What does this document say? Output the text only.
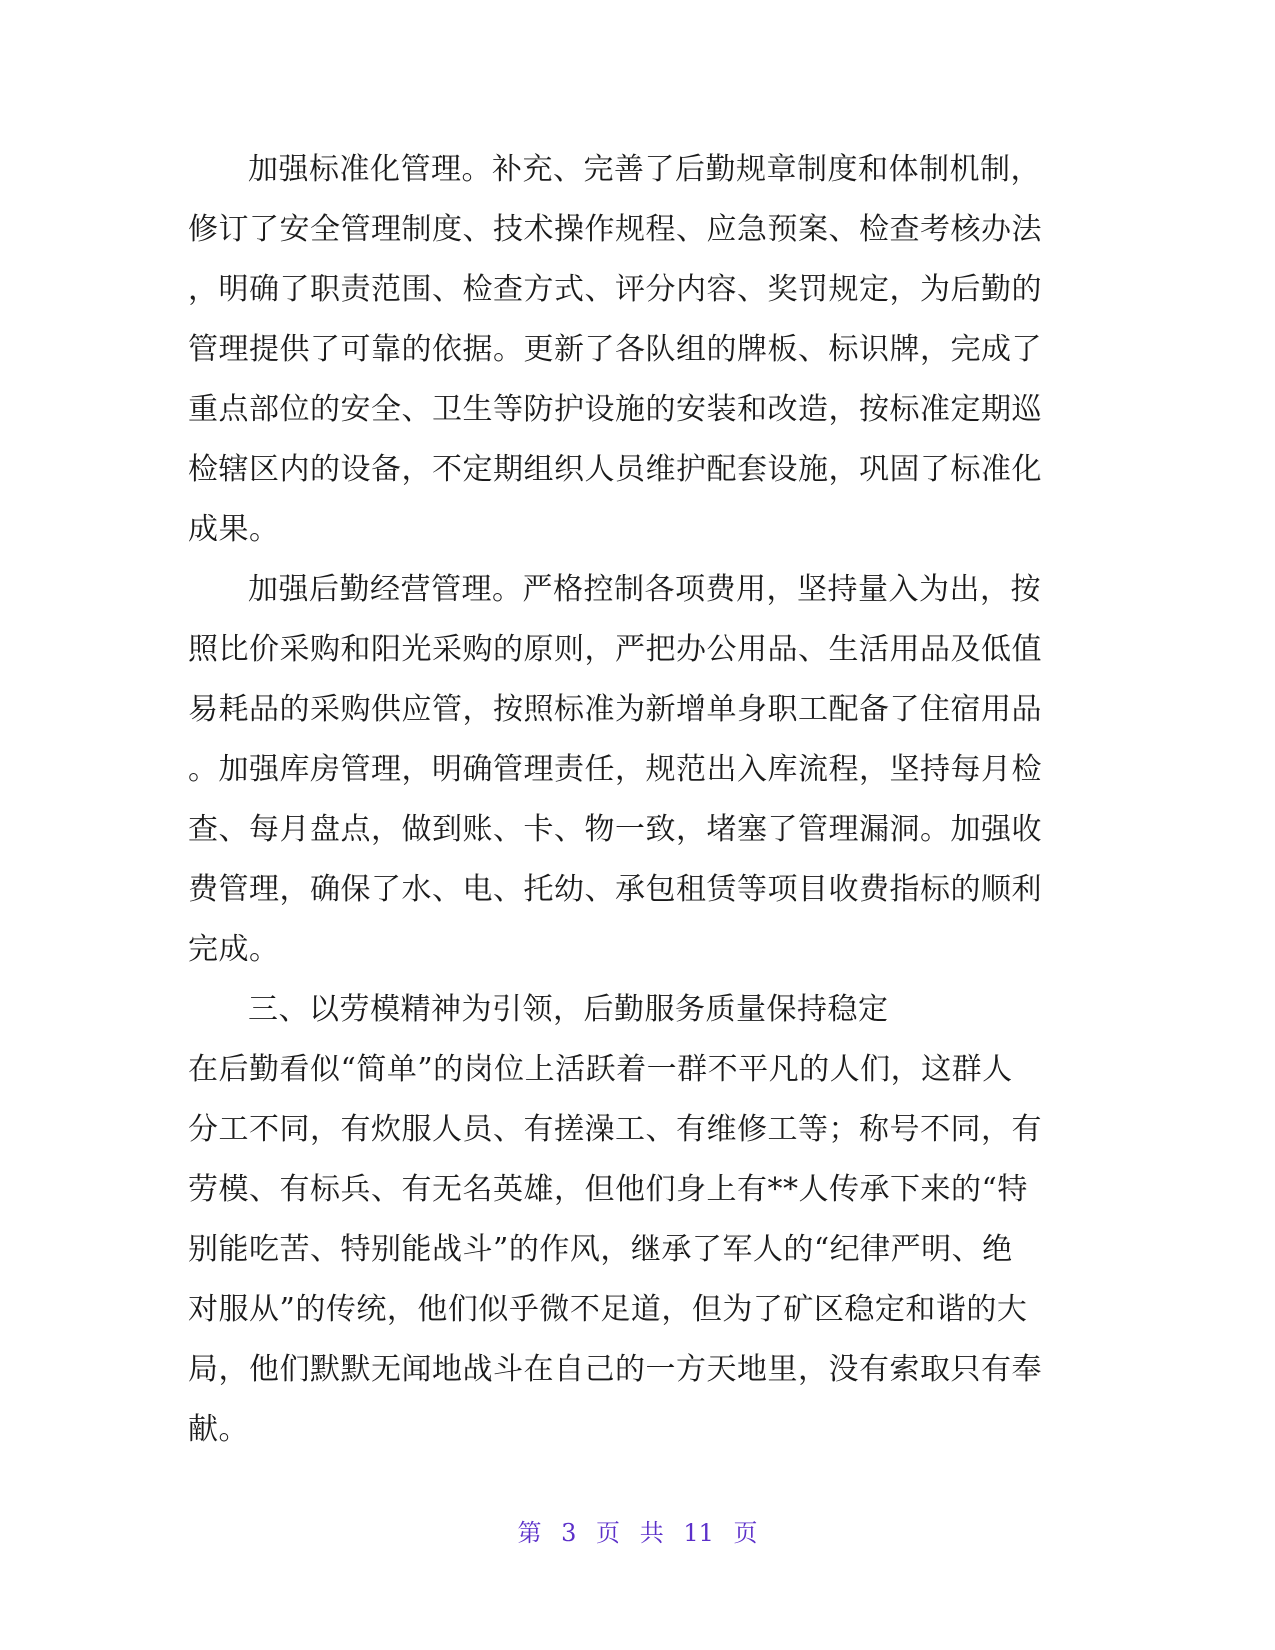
加强标准化管理。补充、完善了后勤规章制度和体制机制，
修订了安全管理制度、技术操作规程、应急预案、检查考核办法
，明确了职责范围、检查方式、评分内容、奖罚规定，为后勤的
管理提供了可靠的依据。更新了各队组的牌板、标识牌，完成了
重点部位的安全、卫生等防护设施的安装和改造，按标准定期巡
检辖区内的设备，不定期组织人员维护配套设施，巩固了标准化
成果。
加强后勤经营管理。严格控制各项费用，坚持量入为出，按
照比价采购和阳光采购的原则，严把办公用品、生活用品及低值
易耗品的采购供应管，按照标准为新增单身职工配备了住宿用品
。加强库房管理，明确管理责任，规范出入库流程，坚持每月检
查、每月盘点，做到账、卡、物一致，堵塞了管理漏洞。加强收
费管理，确保了水、电、托幼、承包租赁等项目收费指标的顺利
完成。
三、以劳模精神为引领，后勤服务质量保持稳定
在后勤看似“简单”的岗位上活跃着一群不平凡的人们，这群人
分工不同，有炊服人员、有搓澡工、有维修工等；称号不同，有
劳模、有标兵、有无名英雄，但他们身上有**人传承下来的“特
别能吃苦、特别能战斗”的作风，继承了军人的“纪律严明、绝
对服从”的传统，他们似乎微不足道，但为了矿区稳定和谐的大
局，他们默默无闻地战斗在自己的一方天地里，没有索取只有奉
献。
第 3 页 共 11 页
